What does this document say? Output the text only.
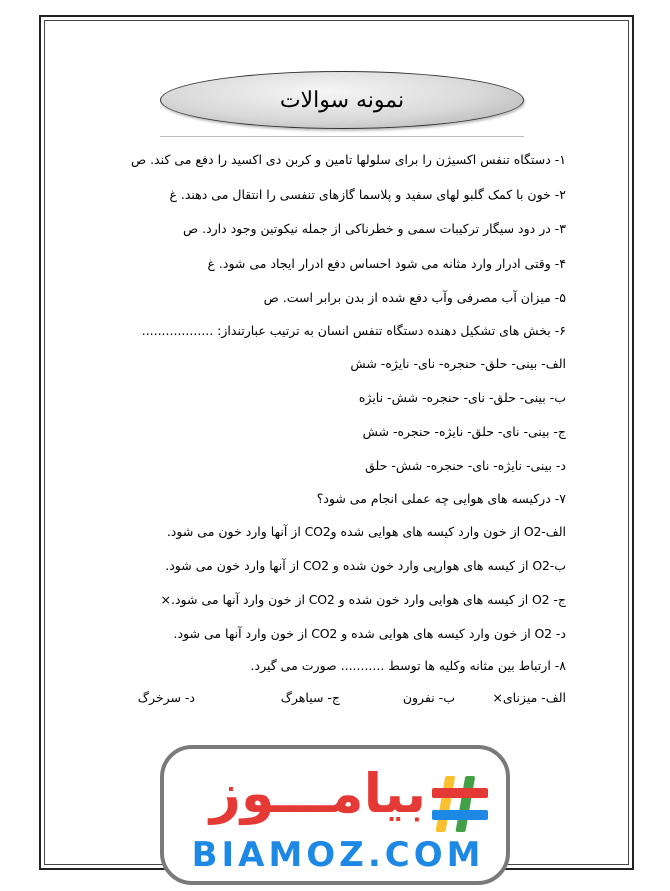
نمونه سوالات
۱- دستگاه تنفس اکسیژن را برای سلولها تامین و کربن دی اکسید را دفع می کند. ص
۲- خون با کمک گلبو لهای سفید و پلاسما گازهای تنفسی را انتقال می دهند. غ
۳- در دود سیگار ترکیبات سمی و خطرناکی از جمله نیکوتین وجود دارد. ص
۴- وقتی ادرار وارد مثانه می شود احساس دفع ادرار ایجاد می شود. غ
۵- میزان آب مصرفی وآب دفع شده از بدن برابر است. ص
۶- بخش های تشکیل دهنده دستگاه تنفس انسان به ترتیب عبارتنداز: ..................
الف- بینی- حلق- حنجره- نای- نایژه- شش
ب- بینی- حلق- نای- حنجره- شش- نایژه
ج- بینی- نای- حلق- نایژه- حنجره- شش
د- بینی- نایژه- نای- حنجره- شش- حلق
۷- درکیسه های هوایی چه عملی انجام می شود؟
الف-O2 از خون وارد کیسه های هوایی شده وCO2 از آنها وارد خون می شود.
ب-O2 از کیسه های هوارپی وارد خون شده و CO2 از آنها وارد خون می شود.
ج- O2 از کیسه های هوایی وارد خون شده و CO2 از خون وارد آنها می شود.×
د- O2 از خون وارد کیسه های هوایی شده و CO2 از خون وارد آنها می شود.
۸- ارتباط بین مثانه وکلیه ها توسط ........... صورت می گیرد.
الف- میزنای×
ب- نفرون
ج- سیاهرگ
د- سرخرگ
بیامـــوز
BIAMOZ.COM
